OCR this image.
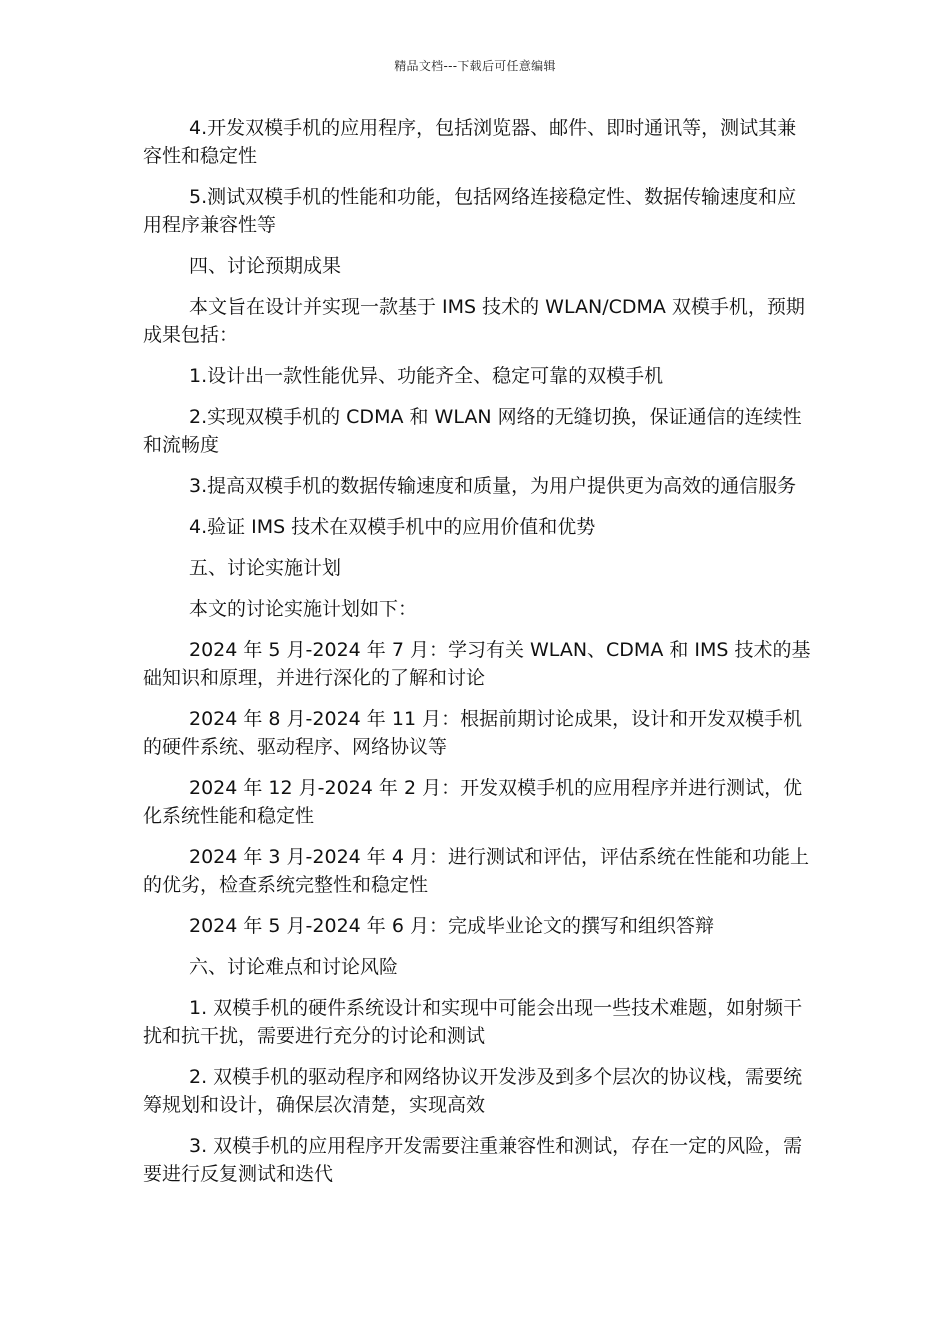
精品文档---下载后可任意编辑

4.开发双模手机的应用程序，包括浏览器、邮件、即时通讯等，测试其兼容性和稳定性

5.测试双模手机的性能和功能，包括网络连接稳定性、数据传输速度和应用程序兼容性等

四、讨论预期成果

本文旨在设计并实现一款基于 IMS 技术的 WLAN/CDMA 双模手机，预期成果包括：

1.设计出一款性能优异、功能齐全、稳定可靠的双模手机

2.实现双模手机的 CDMA 和 WLAN 网络的无缝切换，保证通信的连续性和流畅度

3.提高双模手机的数据传输速度和质量，为用户提供更为高效的通信服务

4.验证 IMS 技术在双模手机中的应用价值和优势

五、讨论实施计划

本文的讨论实施计划如下：

2024 年 5 月-2024 年 7 月：学习有关 WLAN、CDMA 和 IMS 技术的基础知识和原理，并进行深化的了解和讨论

2024 年 8 月-2024 年 11 月：根据前期讨论成果，设计和开发双模手机的硬件系统、驱动程序、网络协议等

2024 年 12 月-2024 年 2 月：开发双模手机的应用程序并进行测试，优化系统性能和稳定性

2024 年 3 月-2024 年 4 月：进行测试和评估，评估系统在性能和功能上的优劣，检查系统完整性和稳定性

2024 年 5 月-2024 年 6 月：完成毕业论文的撰写和组织答辩

六、讨论难点和讨论风险

1. 双模手机的硬件系统设计和实现中可能会出现一些技术难题，如射频干扰和抗干扰，需要进行充分的讨论和测试

2. 双模手机的驱动程序和网络协议开发涉及到多个层次的协议栈，需要统筹规划和设计，确保层次清楚，实现高效

3. 双模手机的应用程序开发需要注重兼容性和测试，存在一定的风险，需要进行反复测试和迭代
